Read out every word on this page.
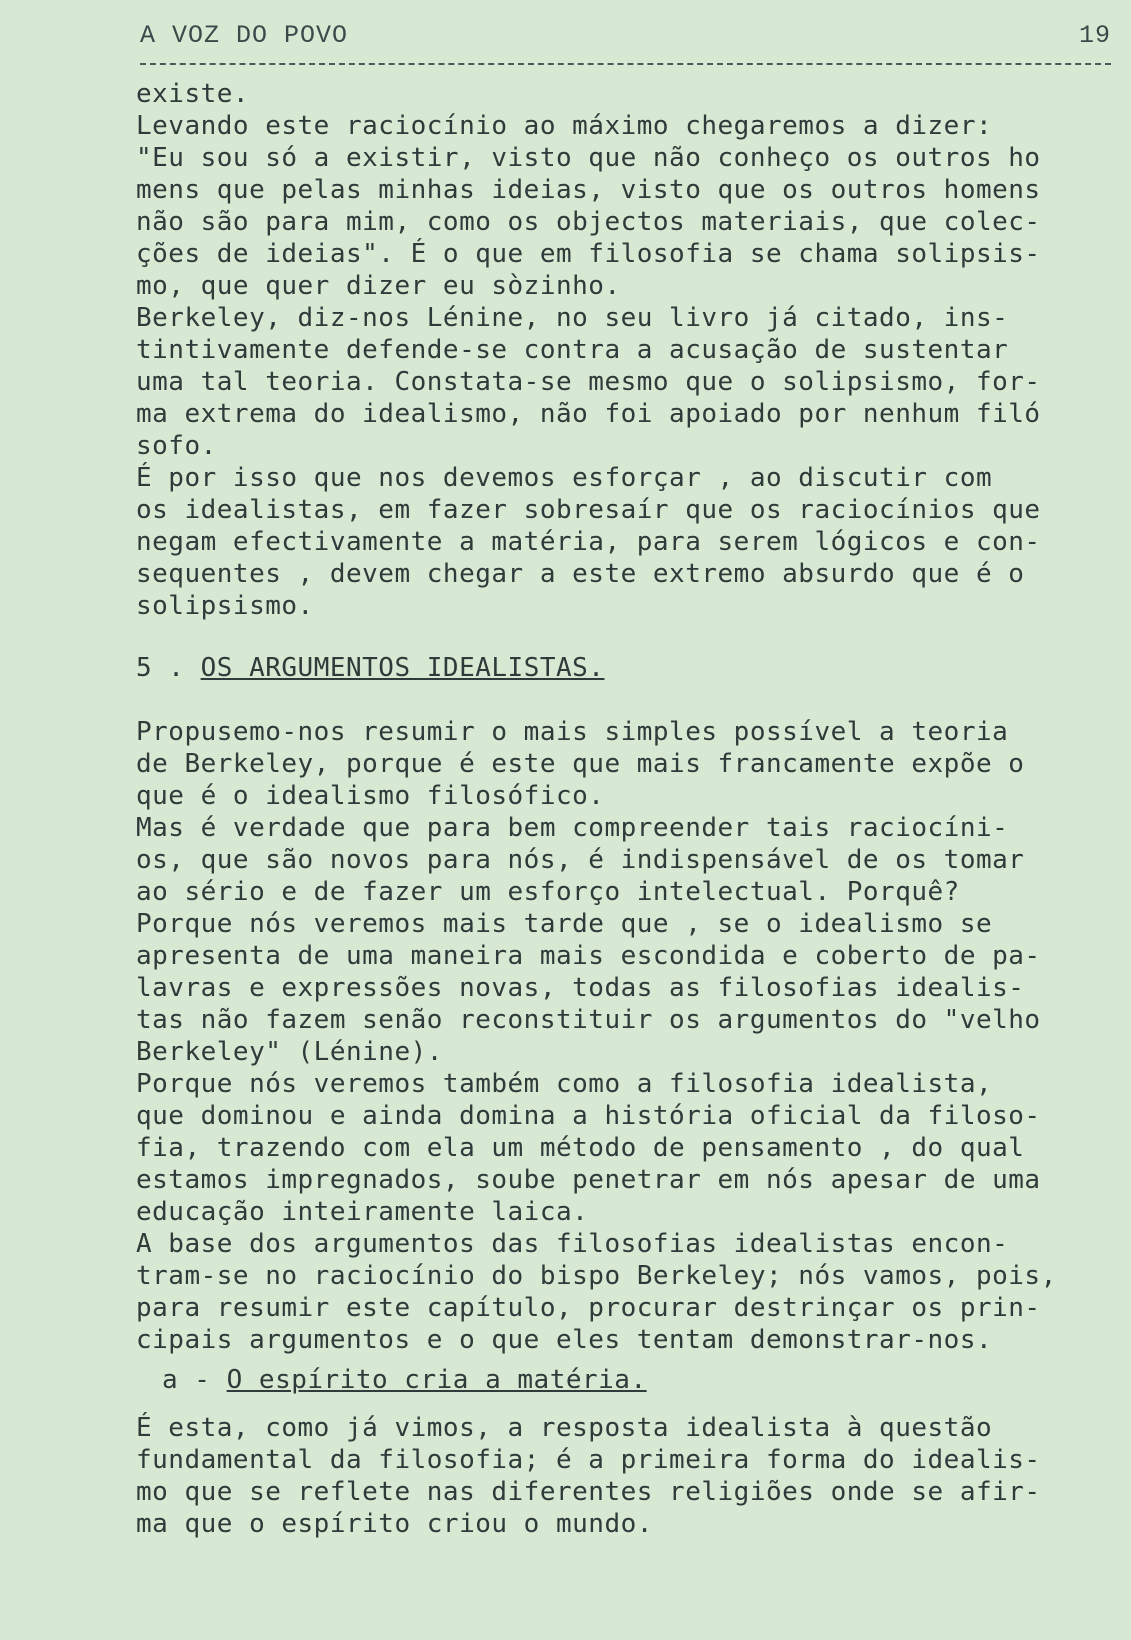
A VOZ DO POVO	19
existe.
Levando este raciocínio ao máximo chegaremos a dizer:
"Eu sou só a existir, visto que não conheço os outros ho
mens que pelas minhas ideias, visto que os outros homens
não são para mim, como os objectos materiais, que colec-
ções de ideias". É o que em filosofia se chama solipsis-
mo, que quer dizer eu sòzinho.
Berkeley, diz-nos Lénine, no seu livro já citado, ins-
tintivamente defende-se contra a acusação de sustentar
uma tal teoria. Constata-se mesmo que o solipsismo, for-
ma extrema do idealismo, não foi apoiado por nenhum filó
sofo.
É por isso que nos devemos esforçar , ao discutir com
os idealistas, em fazer sobresaír que os raciocínios que
negam efectivamente a matéria, para serem lógicos e con-
sequentes , devem chegar a este extremo absurdo que é o
solipsismo.
5 . OS ARGUMENTOS IDEALISTAS.
Propusemo-nos resumir o mais simples possível a teoria
de Berkeley, porque é este que mais francamente expõe o
que é o idealismo filosófico.
Mas é verdade que para bem compreender tais raciocíni-
os, que são novos para nós, é indispensável de os tomar
ao sério e de fazer um esforço intelectual. Porquê?
Porque nós veremos mais tarde que , se o idealismo se
apresenta de uma maneira mais escondida e coberto de pa-
lavras e expressões novas, todas as filosofias idealis-
tas não fazem senão reconstituir os argumentos do "velho
Berkeley" (Lénine).
Porque nós veremos também como a filosofia idealista,
que dominou e ainda domina a história oficial da filoso-
fia, trazendo com ela um método de pensamento , do qual
estamos impregnados, soube penetrar em nós apesar de uma
educação inteiramente laica.
A base dos argumentos das filosofias idealistas encon-
tram-se no raciocínio do bispo Berkeley; nós vamos, pois,
para resumir este capítulo, procurar destrinçar os prin-
cipais argumentos e o que eles tentam demonstrar-nos.
a - O espírito cria a matéria.
É esta, como já vimos, a resposta idealista à questão
fundamental da filosofia; é a primeira forma do idealis-
mo que se reflete nas diferentes religiões onde se afir-
ma que o espírito criou o mundo.
